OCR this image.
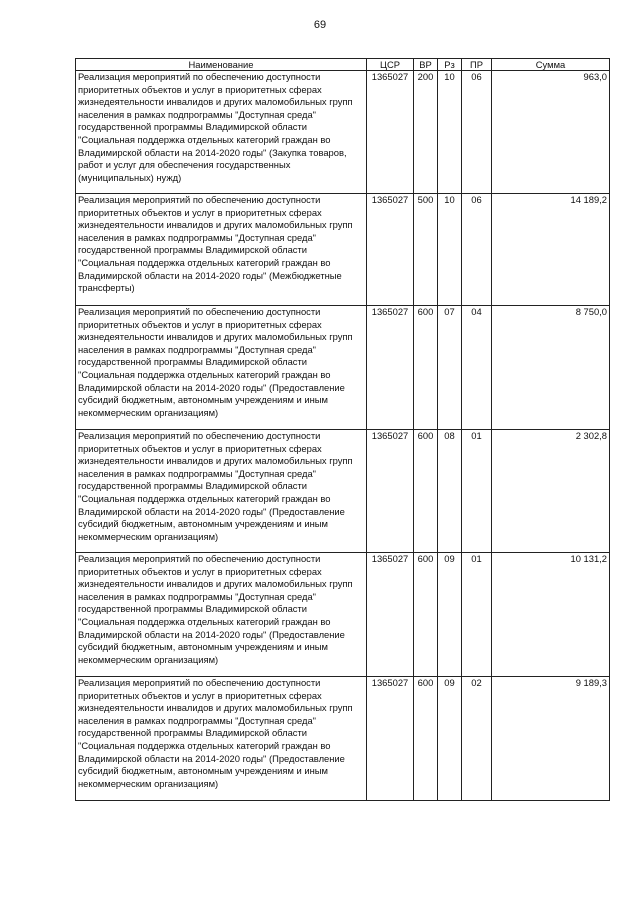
69
Наименование	ЦСР	ВР	Рз	ПР	Сумма
Реализация мероприятий по обеспечению доступности приоритетных объектов и услуг в приоритетных сферах жизнедеятельности инвалидов и других маломобильных групп населения в рамках подпрограммы "Доступная среда" государственной программы Владимирской области "Социальная поддержка отдельных категорий граждан во Владимирской области на 2014-2020 годы" (Закупка товаров, работ и услуг для обеспечения государственных (муниципальных) нужд)	1365027	200	10	06	963,0
Реализация мероприятий по обеспечению доступности приоритетных объектов и услуг в приоритетных сферах жизнедеятельности инвалидов и других маломобильных групп населения в рамках подпрограммы "Доступная среда" государственной программы Владимирской области "Социальная поддержка отдельных категорий граждан во Владимирской области на 2014-2020 годы" (Межбюджетные трансферты)	1365027	500	10	06	14 189,2
Реализация мероприятий по обеспечению доступности приоритетных объектов и услуг в приоритетных сферах жизнедеятельности инвалидов и других маломобильных групп населения в рамках подпрограммы "Доступная среда" государственной программы Владимирской области "Социальная поддержка отдельных категорий граждан во Владимирской области на 2014-2020 годы" (Предоставление субсидий бюджетным, автономным учреждениям и иным некоммерческим организациям)	1365027	600	07	04	8 750,0
Реализация мероприятий по обеспечению доступности приоритетных объектов и услуг в приоритетных сферах жизнедеятельности инвалидов и других маломобильных групп населения в рамках подпрограммы "Доступная среда" государственной программы Владимирской области "Социальная поддержка отдельных категорий граждан во Владимирской области на 2014-2020 годы" (Предоставление субсидий бюджетным, автономным учреждениям и иным некоммерческим организациям)	1365027	600	08	01	2 302,8
Реализация мероприятий по обеспечению доступности приоритетных объектов и услуг в приоритетных сферах жизнедеятельности инвалидов и других маломобильных групп населения в рамках подпрограммы "Доступная среда" государственной программы Владимирской области "Социальная поддержка отдельных категорий граждан во Владимирской области на 2014-2020 годы" (Предоставление субсидий бюджетным, автономным учреждениям и иным некоммерческим организациям)	1365027	600	09	01	10 131,2
Реализация мероприятий по обеспечению доступности приоритетных объектов и услуг в приоритетных сферах жизнедеятельности инвалидов и других маломобильных групп населения в рамках подпрограммы "Доступная среда" государственной программы Владимирской области "Социальная поддержка отдельных категорий граждан во Владимирской области на 2014-2020 годы" (Предоставление субсидий бюджетным, автономным учреждениям и иным некоммерческим организациям)	1365027	600	09	02	9 189,3
